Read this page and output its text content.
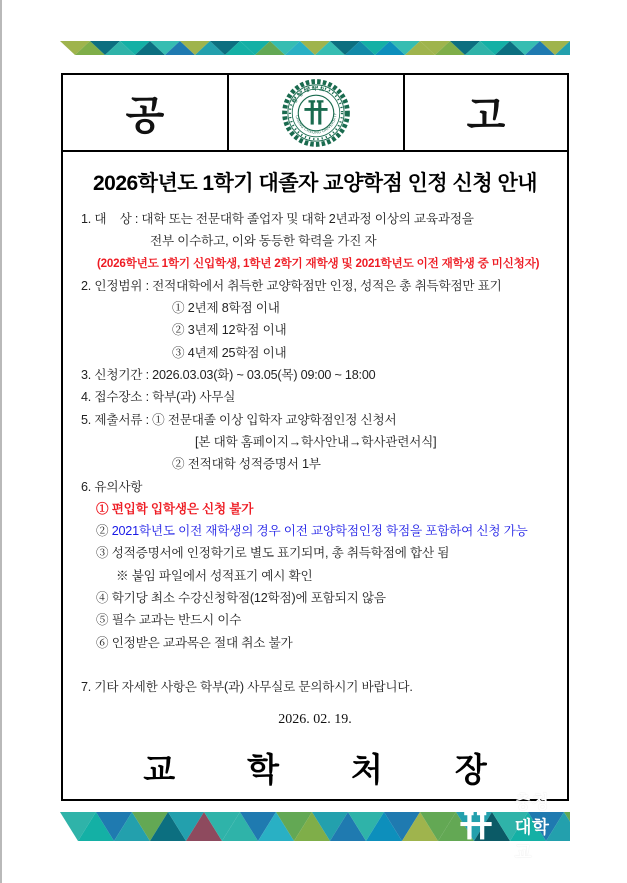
공	· 충 청 대 학 교 ·
CHUNG CHEONG UNIVERSITY	고
2026학년도 1학기 대졸자 교양학점 인정 신청 안내
1. 대    상 : 대학 또는 전문대학 졸업자 및 대학 2년과정 이상의 교육과정을
전부 이수하고, 이와 동등한 학력을 가진 자
(2026학년도 1학기 신입학생, 1학년 2학기 재학생 및 2021학년도 이전 재학생 중 미신청자)
2. 인정범위 : 전적대학에서 취득한 교양학점만 인정, 성적은 총 취득학점만 표기
① 2년제 8학점 이내
② 3년제 12학점 이내
③ 4년제 25학점 이내
3. 신청기간 : 2026.03.03(화) ~ 03.05(목) 09:00 ~ 18:00
4. 접수장소 : 학부(과) 사무실
5. 제출서류 : ① 전문대졸 이상 입학자 교양학점인정 신청서
[본 대학 홈페이지→학사안내→학사관련서식]
② 전적대학 성적증명서 1부
6. 유의사항
① 편입학 입학생은 신청 불가
② 2021학년도 이전 재학생의 경우 이전 교양학점인정 학점을 포함하여 신청 가능
③ 성적증명서에 인정학기로 별도 표기되며, 총 취득학점에 합산 됨
※ 붙임 파일에서 성적표기 예시 확인
④ 학기당 최소 수강신청학점(12학점)에 포함되지 않음
⑤ 필수 교과는 반드시 이수
⑥ 인정받은 교과목은 절대 취소 불가
7. 기타 자세한 사항은 학부(과) 사무실로 문의하시기 바랍니다.
2026. 02. 19.
교 학 처 장
충청대학교
